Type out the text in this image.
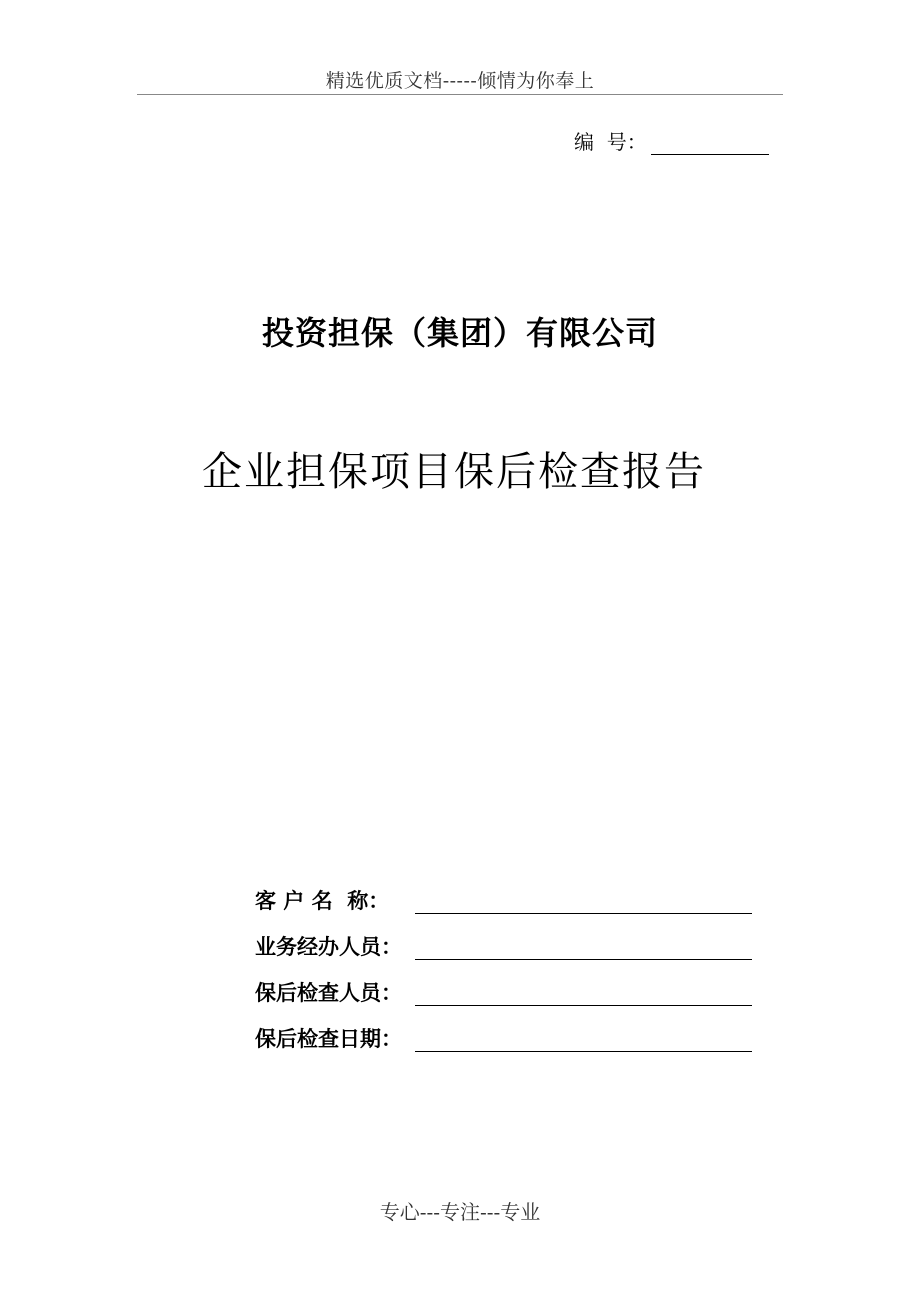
精选优质文档-----倾情为你奉上
编  号：
投资担保（集团）有限公司
企业担保项目保后检查报告
客 户 名  称：
业务经办人员：
保后检查人员：
保后检查日期：
专心---专注---专业
